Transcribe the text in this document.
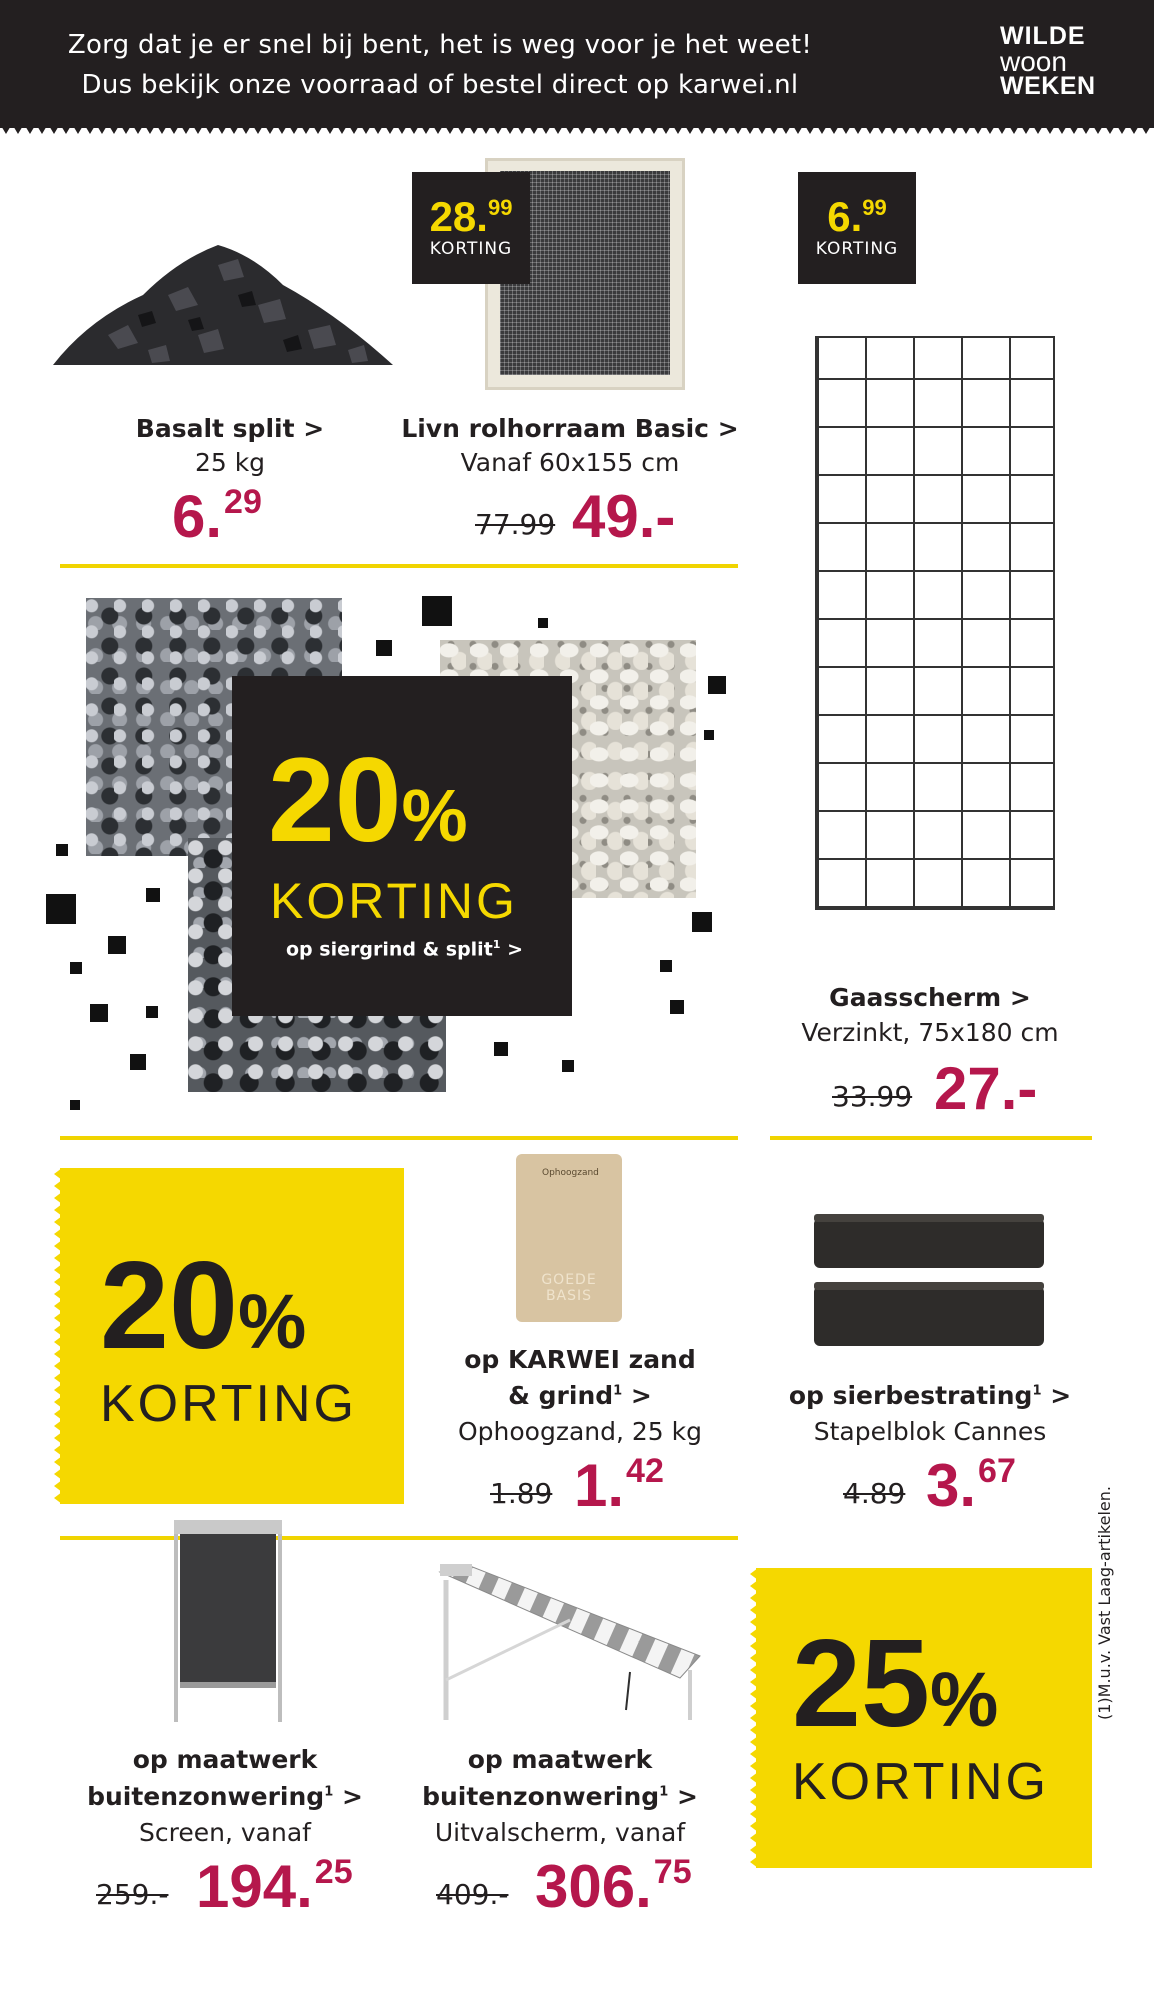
Zorg dat je er snel bij bent, het is weg voor je het weet!
Dus bekijk onze voorraad of bestel direct op karwei.nl
WILDE
woon
WEKEN
Basalt split >
25 kg
6.29
28.99
KORTING
Livn rolhorraam Basic >
Vanaf 60x155 cm
77.99 49.-
6.99
KORTING
Gaasscherm >
Verzinkt, 75x180 cm
33.99 27.-
20%
KORTING
op siergrind & split$^1$ >
20%
KORTING
Ophoogzand
GOEDE BASIS
op KARWEI zand
& grind$^1$ >
Ophoogzand, 25 kg
1.89 1.42
op sierbestrating$^1$ >
Stapelblok Cannes
4.89 3.67
op maatwerk
buitenzonwering$^1$ >
Screen, vanaf
259.- 194.25
op maatwerk
buitenzonwering$^1$ >
Uitvalscherm, vanaf
409.- 306.75
25%
KORTING
(1)M.u.v. Vast Laag-artikelen.
